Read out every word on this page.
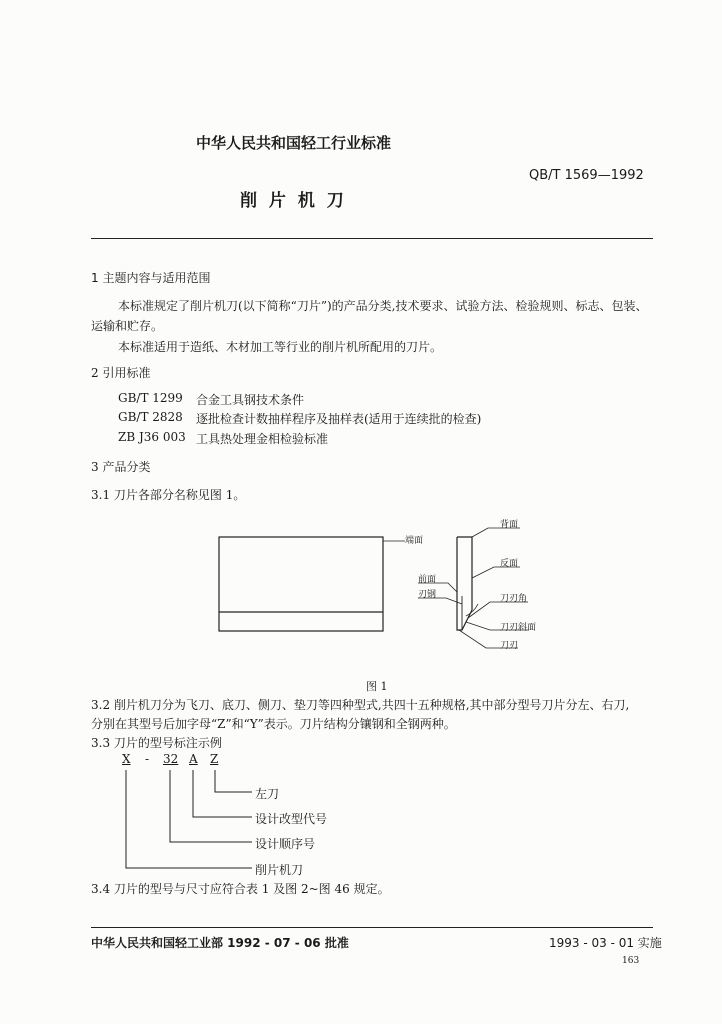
中华人民共和国轻工行业标准
QB/T 1569—1992
削 片 机 刀
1 主题内容与适用范围
本标准规定了削片机刀(以下简称“刀片”)的产品分类,技术要求、试验方法、检验规则、标志、包装、
运输和贮存。
本标准适用于造纸、木材加工等行业的削片机所配用的刀片。
2 引用标准
GB/T 1299 合金工具钢技术条件
GB/T 2828 逐批检查计数抽样程序及抽样表(适用于连续批的检查)
ZB J36 003 工具热处理金相检验标准
3 产品分类
3.1 刀片各部分名称见图 1。
端面
背面
反面
前面
刃钢	刀刃角
刀刃斜面
刀刃
图 1
3.2 削片机刀分为飞刀、底刀、侧刀、垫刀等四种型式,共四十五种规格,其中部分型号刀片分左、右刀,
分别在其型号后加字母“Z”和“Y”表示。刀片结构分镶钢和全钢两种。
3.3 刀片的型号标注示例
X - 32 A Z
左刀
设计改型代号
设计顺序号
削片机刀
3.4 刀片的型号与尺寸应符合表 1 及图 2~图 46 规定。
中华人民共和国轻工业部 1992 - 07 - 06 批准	1993 - 03 - 01 实施
163
